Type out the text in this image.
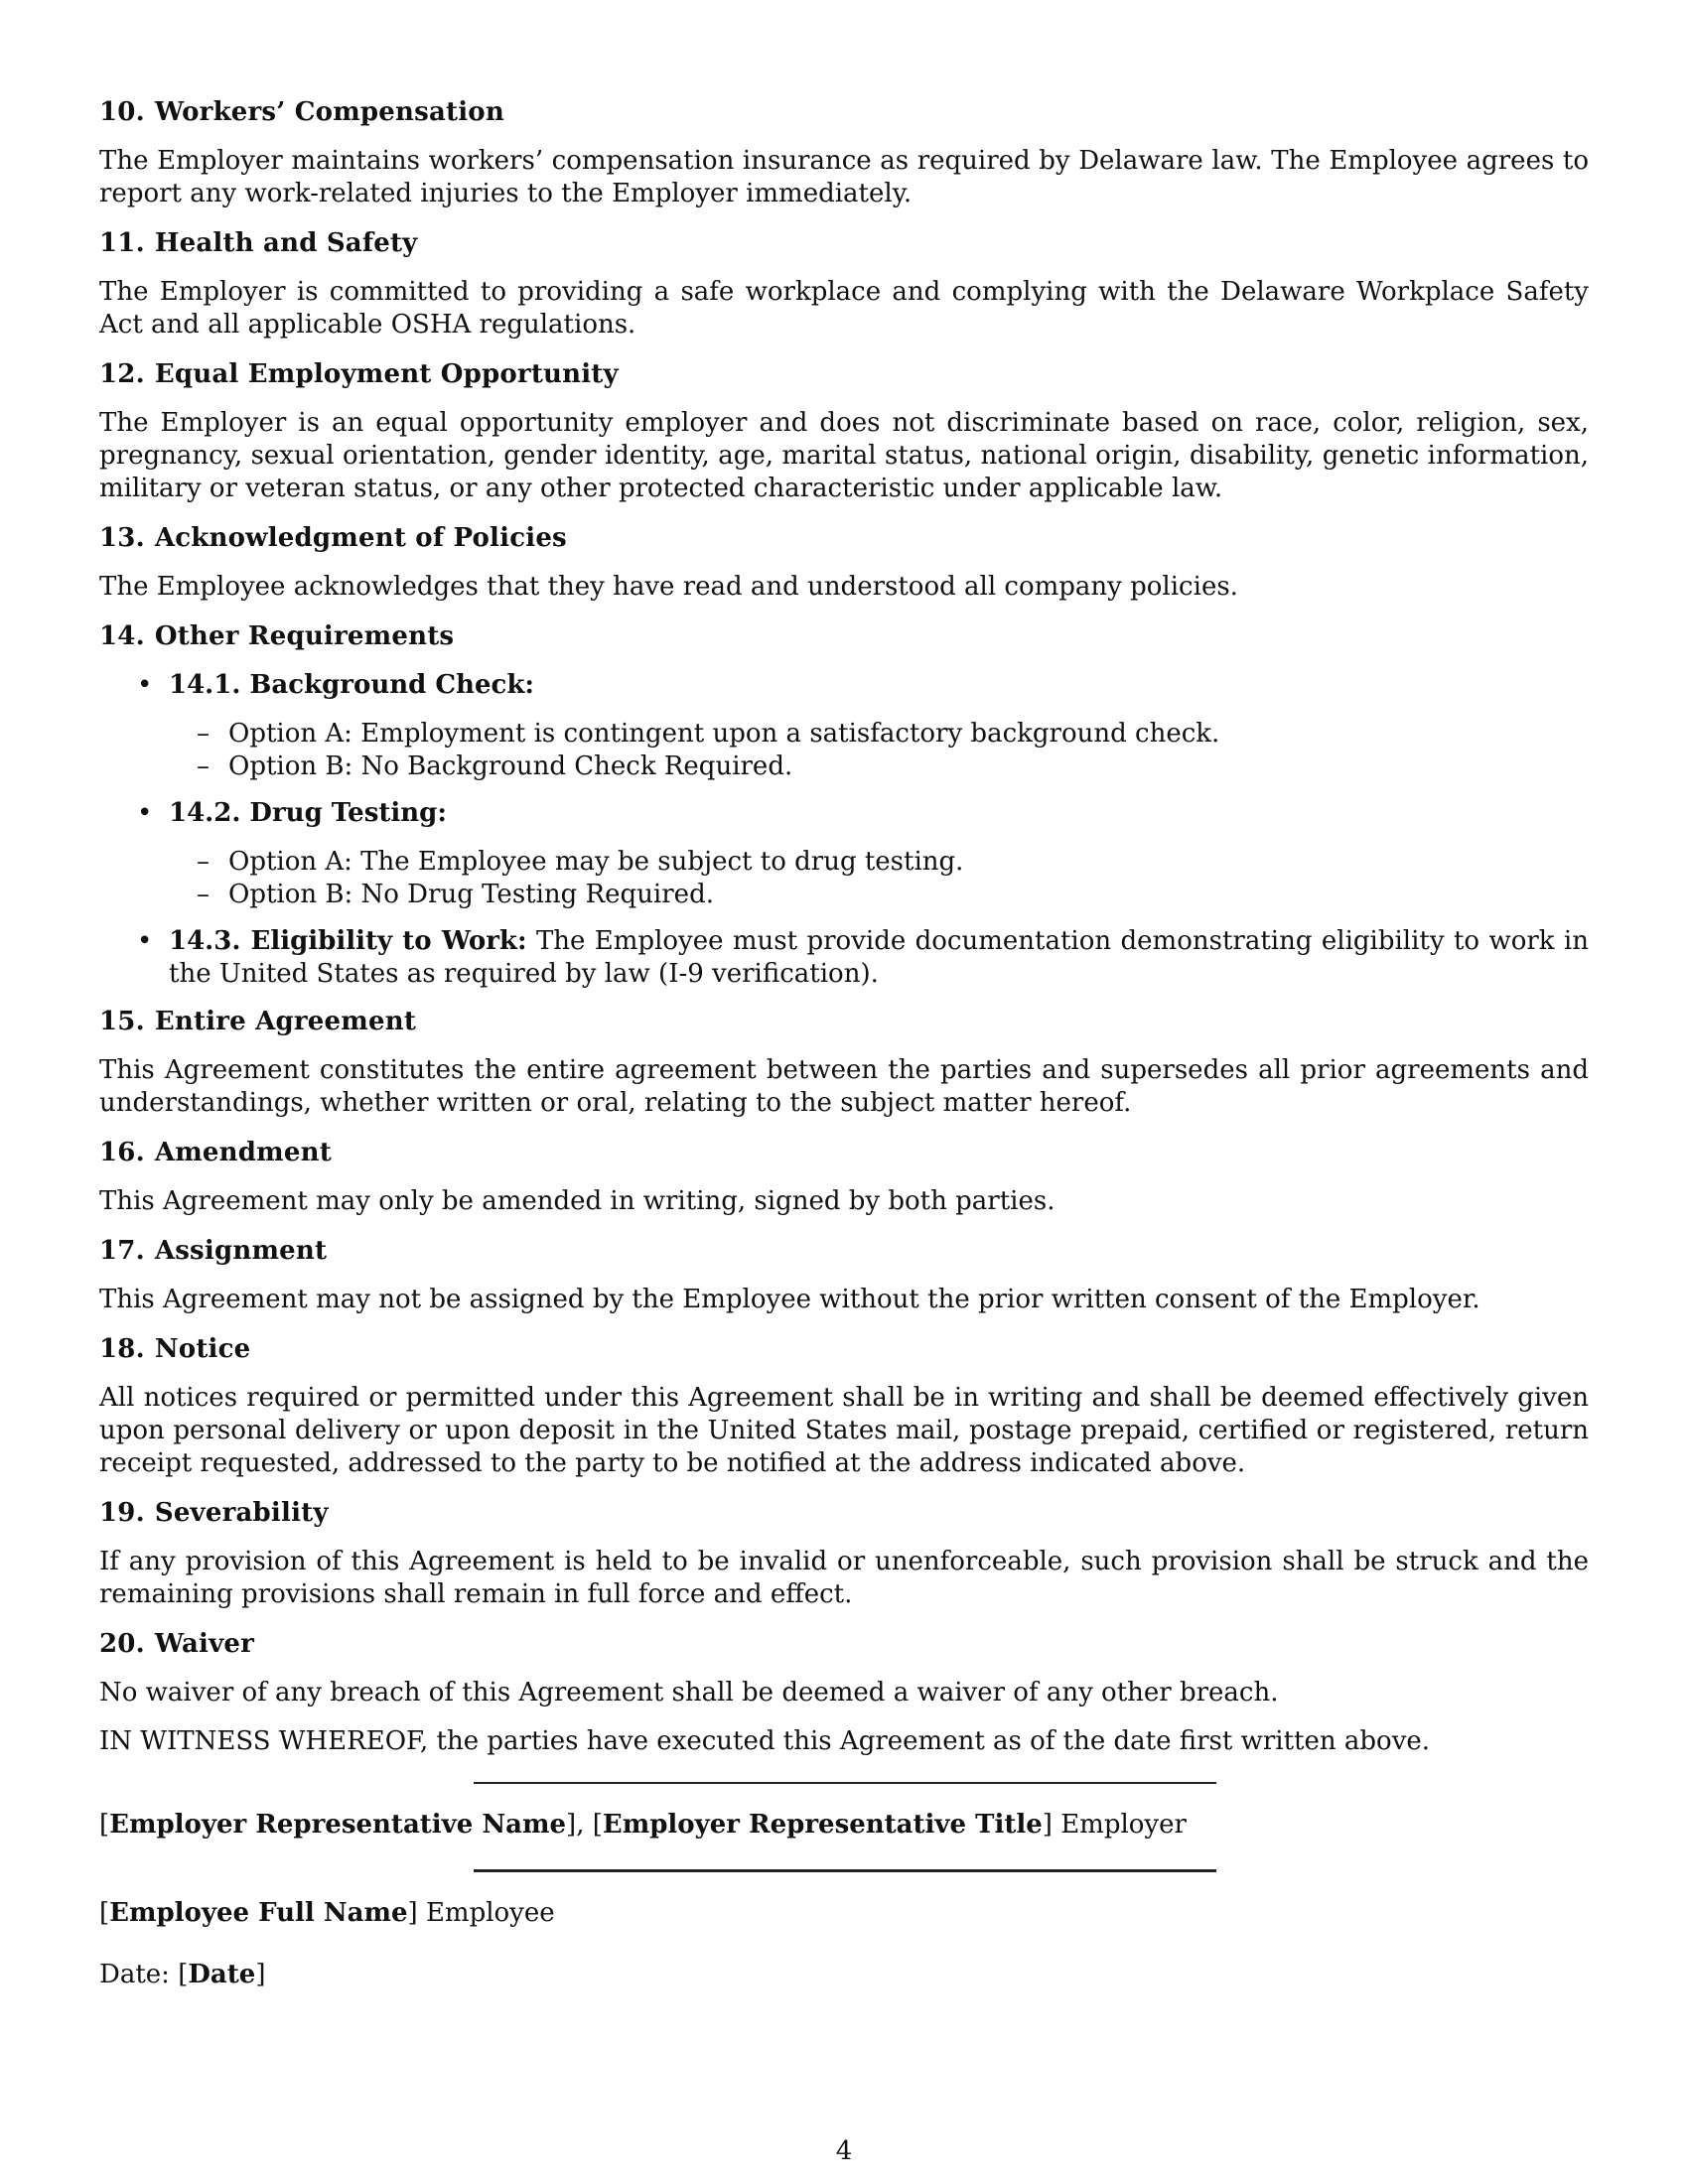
10. Workers’ Compensation

The Employer maintains workers’ compensation insurance as required by Delaware law. The Employee agrees to report any work-related injuries to the Employer immediately.

11. Health and Safety

The Employer is committed to providing a safe workplace and complying with the Delaware Workplace Safety Act and all applicable OSHA regulations.

12. Equal Employment Opportunity

The Employer is an equal opportunity employer and does not discriminate based on race, color, religion, sex, pregnancy, sexual orientation, gender identity, age, marital status, national origin, disability, genetic information, military or veteran status, or any other protected characteristic under applicable law.

13. Acknowledgment of Policies

The Employee acknowledges that they have read and understood all company policies.

14. Other Requirements
• 14.1. Background Check:
– Option A: Employment is contingent upon a satisfactory background check.
– Option B: No Background Check Required.
• 14.2. Drug Testing:
– Option A: The Employee may be subject to drug testing.
– Option B: No Drug Testing Required.
• 14.3. Eligibility to Work: The Employee must provide documentation demonstrating eligibility to work in the United States as required by law (I-9 verification).
15. Entire Agreement

This Agreement constitutes the entire agreement between the parties and supersedes all prior agreements and understandings, whether written or oral, relating to the subject matter hereof.

16. Amendment

This Agreement may only be amended in writing, signed by both parties.

17. Assignment

This Agreement may not be assigned by the Employee without the prior written consent of the Employer.

18. Notice

All notices required or permitted under this Agreement shall be in writing and shall be deemed effectively given upon personal delivery or upon deposit in the United States mail, postage prepaid, certified or registered, return receipt requested, addressed to the party to be notified at the address indicated above.

19. Severability

If any provision of this Agreement is held to be invalid or unenforceable, such provision shall be struck and the remaining provisions shall remain in full force and effect.

20. Waiver

No waiver of any breach of this Agreement shall be deemed a waiver of any other breach.

IN WITNESS WHEREOF, the parties have executed this Agreement as of the date first written above.

[Employer Representative Name], [Employer Representative Title] Employer

[Employee Full Name] Employee

Date: [Date]

4
